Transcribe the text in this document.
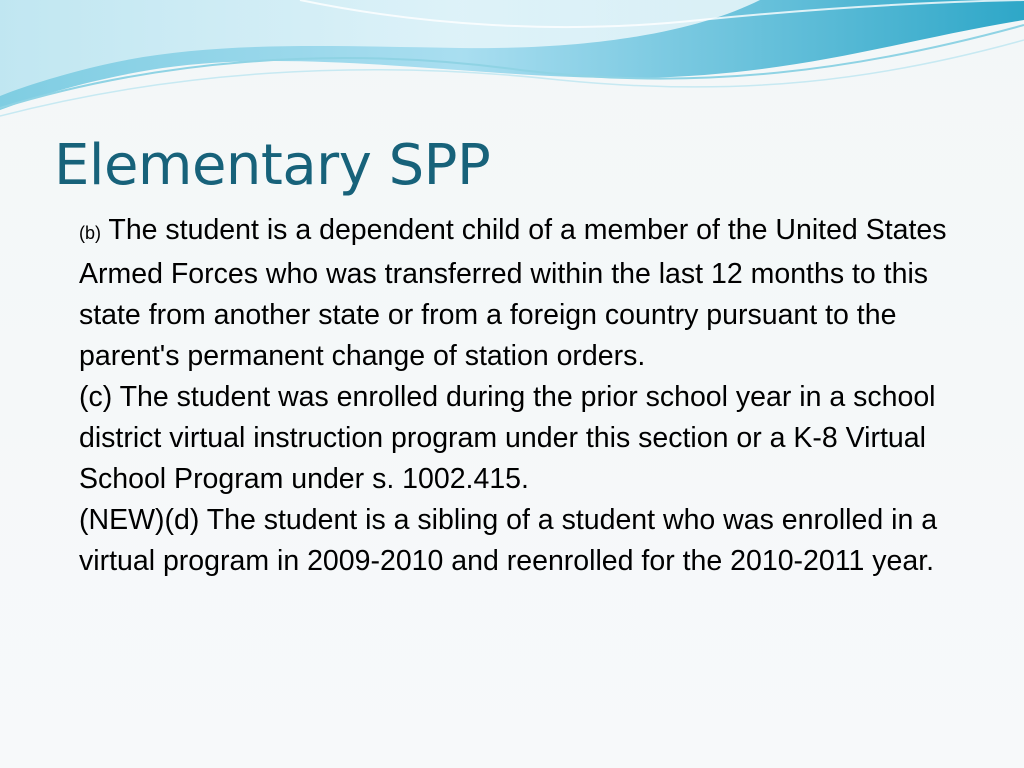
Elementary SPP

(b) The student is a dependent child of a member of the United States Armed Forces who was transferred within the last 12 months to this state from another state or from a foreign country pursuant to the parent's permanent change of station orders.

(c) The student was enrolled during the prior school year in a school district virtual instruction program under this section or a K-8 Virtual School Program under s. 1002.415.

(NEW)(d) The student is a sibling of a student who was enrolled in a virtual program in 2009-2010 and reenrolled for the 2010-2011 year.
